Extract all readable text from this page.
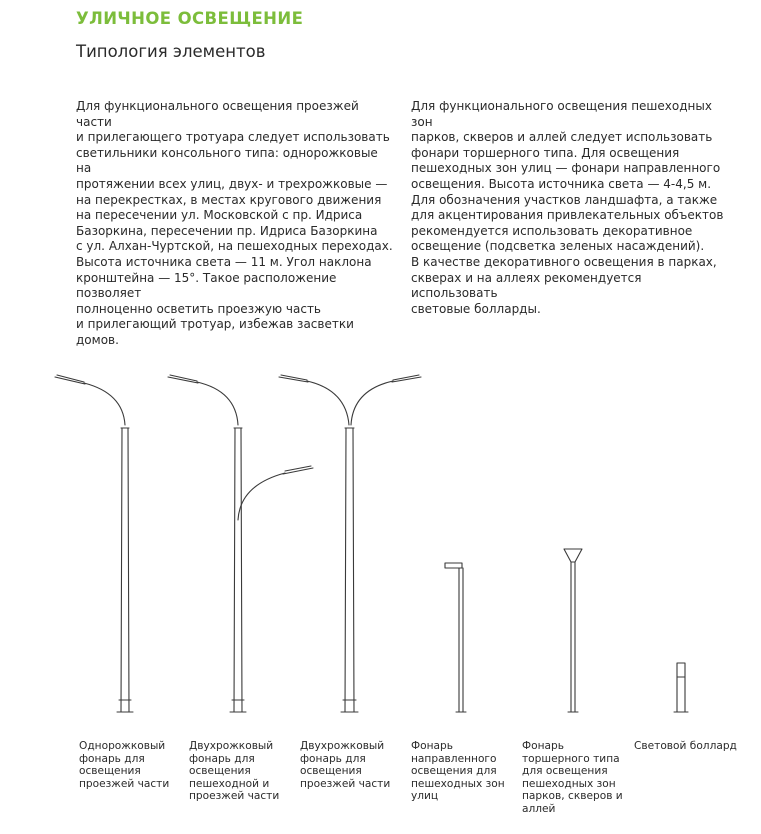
УЛИЧНОЕ ОСВЕЩЕНИЕ
Типология элементов

Для функционального освещения проезжей части
и прилегающего тротуара следует использовать
светильники консольного типа: однорожковые на
протяжении всех улиц, двух- и трехрожковые —
на перекрестках, в местах кругового движения
на пересечении ул. Московской с пр. Идриса
Базоркина, пересечении пр. Идриса Базоркина
с ул. Алхан-Чуртской, на пешеходных переходах.
Высота источника света — 11 м. Угол наклона
кронштейна — 15°. Такое расположение позволяет
полноценно осветить проезжую часть
и прилегающий тротуар, избежав засветки домов.

Для функционального освещения пешеходных зон
парков, скверов и аллей следует использовать
фонари торшерного типа. Для освещения
пешеходных зон улиц — фонари направленного
освещения. Высота источника света — 4-4,5 м.
Для обозначения участков ландшафта, а также
для акцентирования привлекательных объектов
рекомендуется использовать декоративное
освещение (подсветка зеленых насаждений).
В качестве декоративного освещения в парках,
скверах и на аллеях рекомендуется использовать
световые болларды.

Однорожковый
фонарь для
освещения
проезжей части

Двухрожковый
фонарь для
освещения
пешеходной и
проезжей части

Двухрожковый
фонарь для
освещения
проезжей части

Фонарь
направленного
освещения для
пешеходных зон
улиц

Фонарь
торшерного типа
для освещения
пешеходных зон
парков, скверов и
аллей

Световой боллард
